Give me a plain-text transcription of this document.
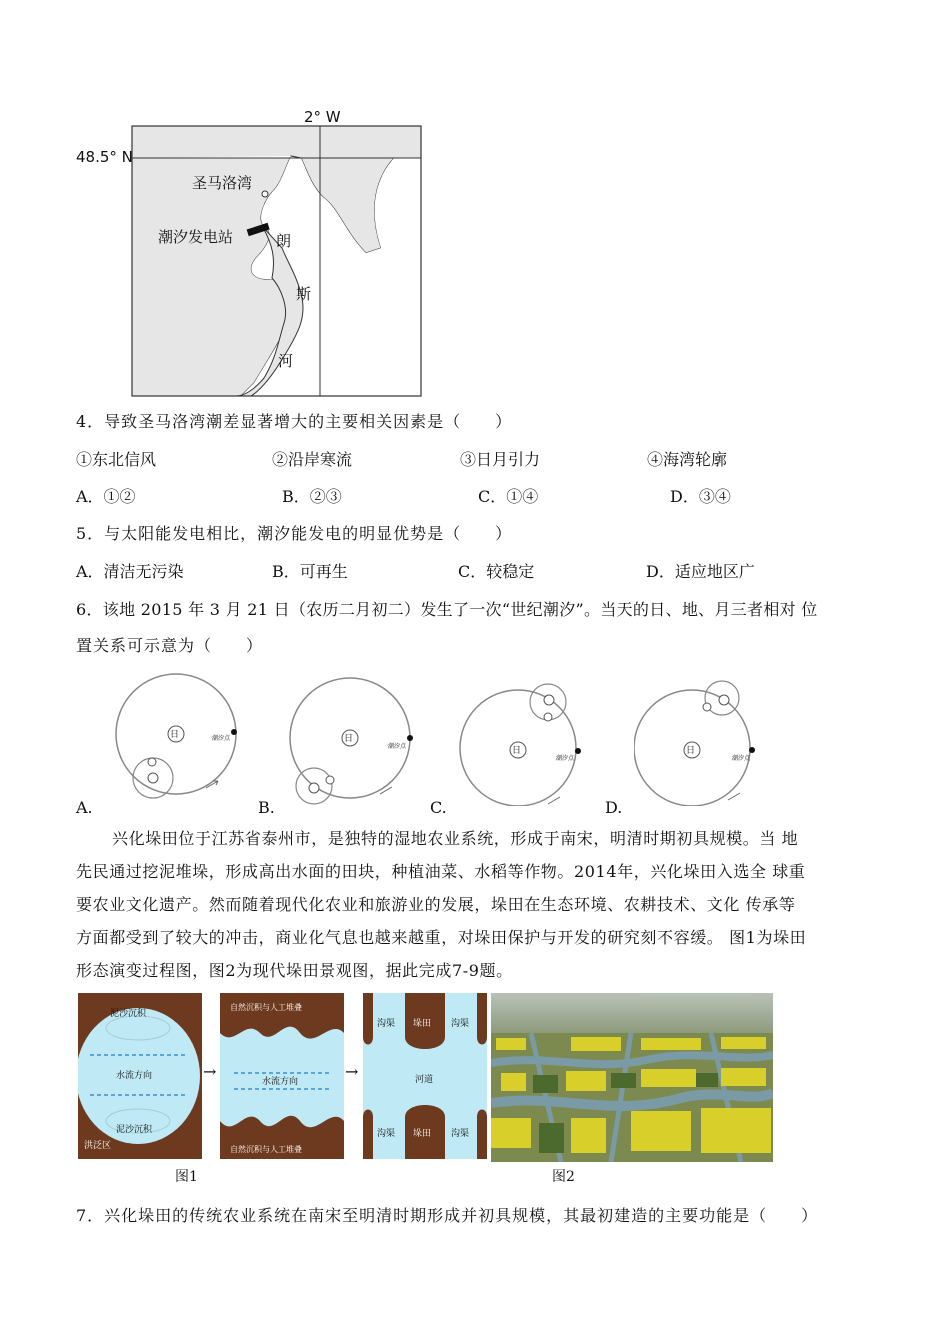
2° W
48.5° N
圣马洛湾
潮汐发电站	朗
斯
河
4．导致圣马洛湾潮差显著增大的主要相关因素是（　　）
①东北信风	②沿岸寒流	③日月引力	④海湾轮廓
A．①②	B．②③	C．①④	D．③④
5．与太阳能发电相比，潮汐能发电的明显优势是（　　）
A．清洁无污染	B．可再生	C．较稳定	D．适应地区广
6．该地 2015 年 3 月 21 日（农历二月初二）发生了一次“世纪潮汐”。当天的日、地、月三者相对 位
置关系可示意为（　　）
日	潮汐点
A.
日
潮汐点
B.
日
潮汐点
C.
日
潮汐点
D.
兴化垛田位于江苏省泰州市，是独特的湿地农业系统，形成于南宋，明清时期初具规模。当 地
先民通过挖泥堆垛，形成高出水面的田块，种植油菜、水稻等作物。2014年，兴化垛田入选全 球重
要农业文化遗产。然而随着现代化农业和旅游业的发展，垛田在生态环境、农耕技术、文化 传承等
方面都受到了较大的冲击，商业化气息也越来越重，对垛田保护与开发的研究刻不容缓。 图1为垛田
形态演变过程图，图2为现代垛田景观图，据此完成7-9题。
泥沙沉积
水流方向
泥沙沉积
洪泛区
→
自然沉积与人工堆叠
水流方向
自然沉积与人工堆叠
→
沟渠 垛田 沟渠
河道
沟渠 垛田 沟渠
图1	图2
7．兴化垛田的传统农业系统在南宋至明清时期形成并初具规模，其最初建造的主要功能是（　　）
